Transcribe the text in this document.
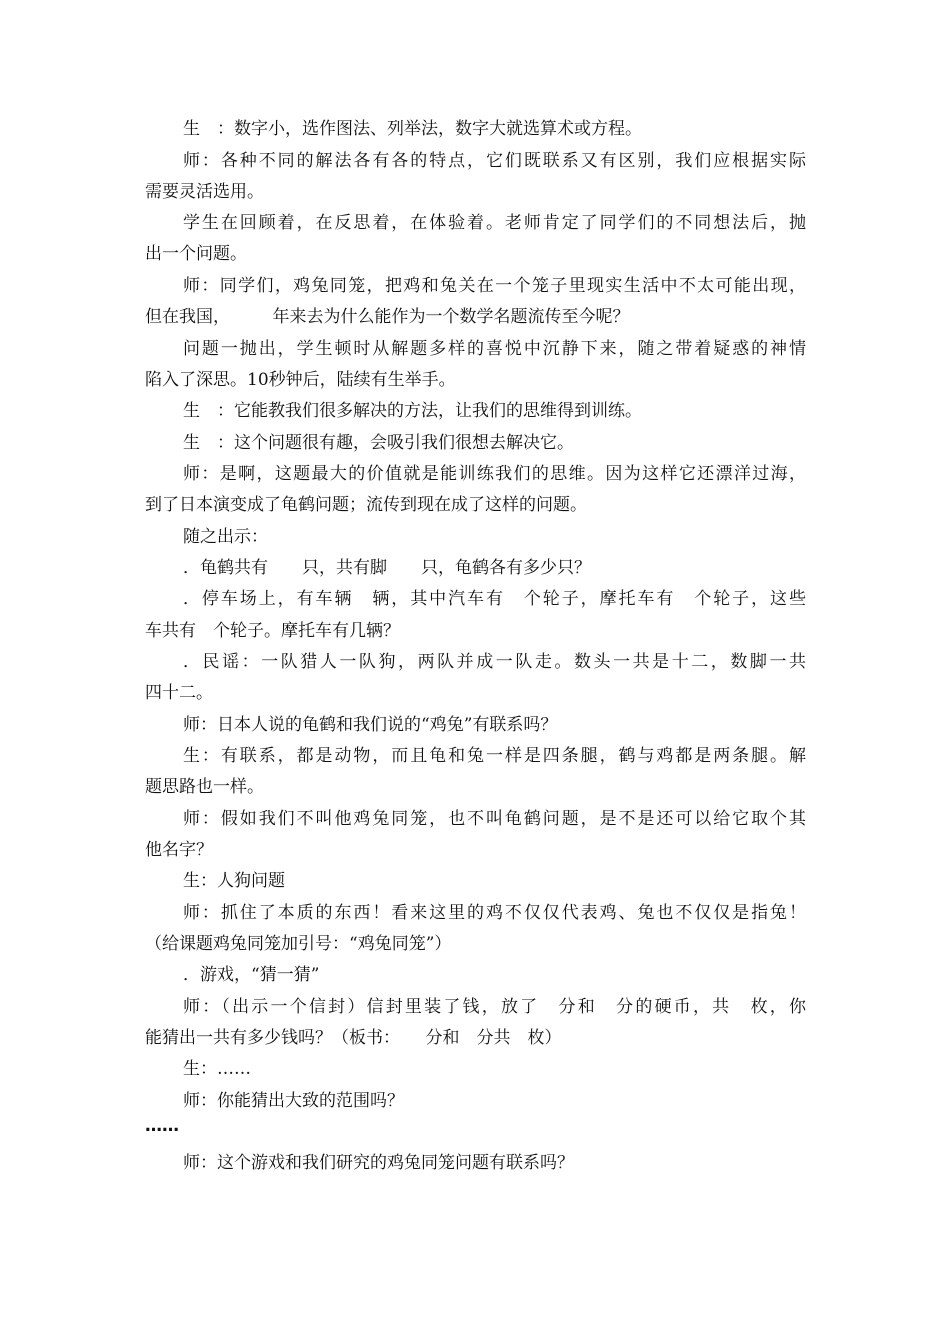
生　：数字小，选作图法、列举法，数字大就选算术或方程。
师：各种不同的解法各有各的特点，它们既联系又有区别，我们应根据实际
需要灵活选用。
学生在回顾着，在反思着，在体验着。老师肯定了同学们的不同想法后，抛
出一个问题。
师：同学们，鸡兔同笼，把鸡和兔关在一个笼子里现实生活中不太可能出现，
但在我国，　　　年来去为什么能作为一个数学名题流传至今呢？
问题一抛出，学生顿时从解题多样的喜悦中沉静下来，随之带着疑惑的神情
陷入了深思。10秒钟后，陆续有生举手。
生　：它能教我们很多解决的方法，让我们的思维得到训练。
生　：这个问题很有趣，会吸引我们很想去解决它。
师：是啊，这题最大的价值就是能训练我们的思维。因为这样它还漂洋过海，
到了日本演变成了龟鹤问题；流传到现在成了这样的问题。
随之出示：
．龟鹤共有　　只，共有脚　　只，龟鹤各有多少只？
．停车场上，有车辆　辆，其中汽车有　个轮子，摩托车有　个轮子，这些
车共有　个轮子。摩托车有几辆？
．民谣：一队猎人一队狗，两队并成一队走。数头一共是十二，数脚一共
四十二。
师：日本人说的龟鹤和我们说的“鸡兔”有联系吗？
生：有联系，都是动物，而且龟和兔一样是四条腿，鹤与鸡都是两条腿。解
题思路也一样。
师：假如我们不叫他鸡兔同笼，也不叫龟鹤问题，是不是还可以给它取个其
他名字？
生：人狗问题
师：抓住了本质的东西！看来这里的鸡不仅仅代表鸡、兔也不仅仅是指兔！
（给课题鸡兔同笼加引号：“鸡兔同笼”）
．游戏，“猜一猜”
师：（出示一个信封）信封里装了钱，放了　分和　分的硬币，共　枚，你
能猜出一共有多少钱吗？（板书：　　分和　分共　枚）
生：……
师：你能猜出大致的范围吗？
……
师：这个游戏和我们研究的鸡兔同笼问题有联系吗？
